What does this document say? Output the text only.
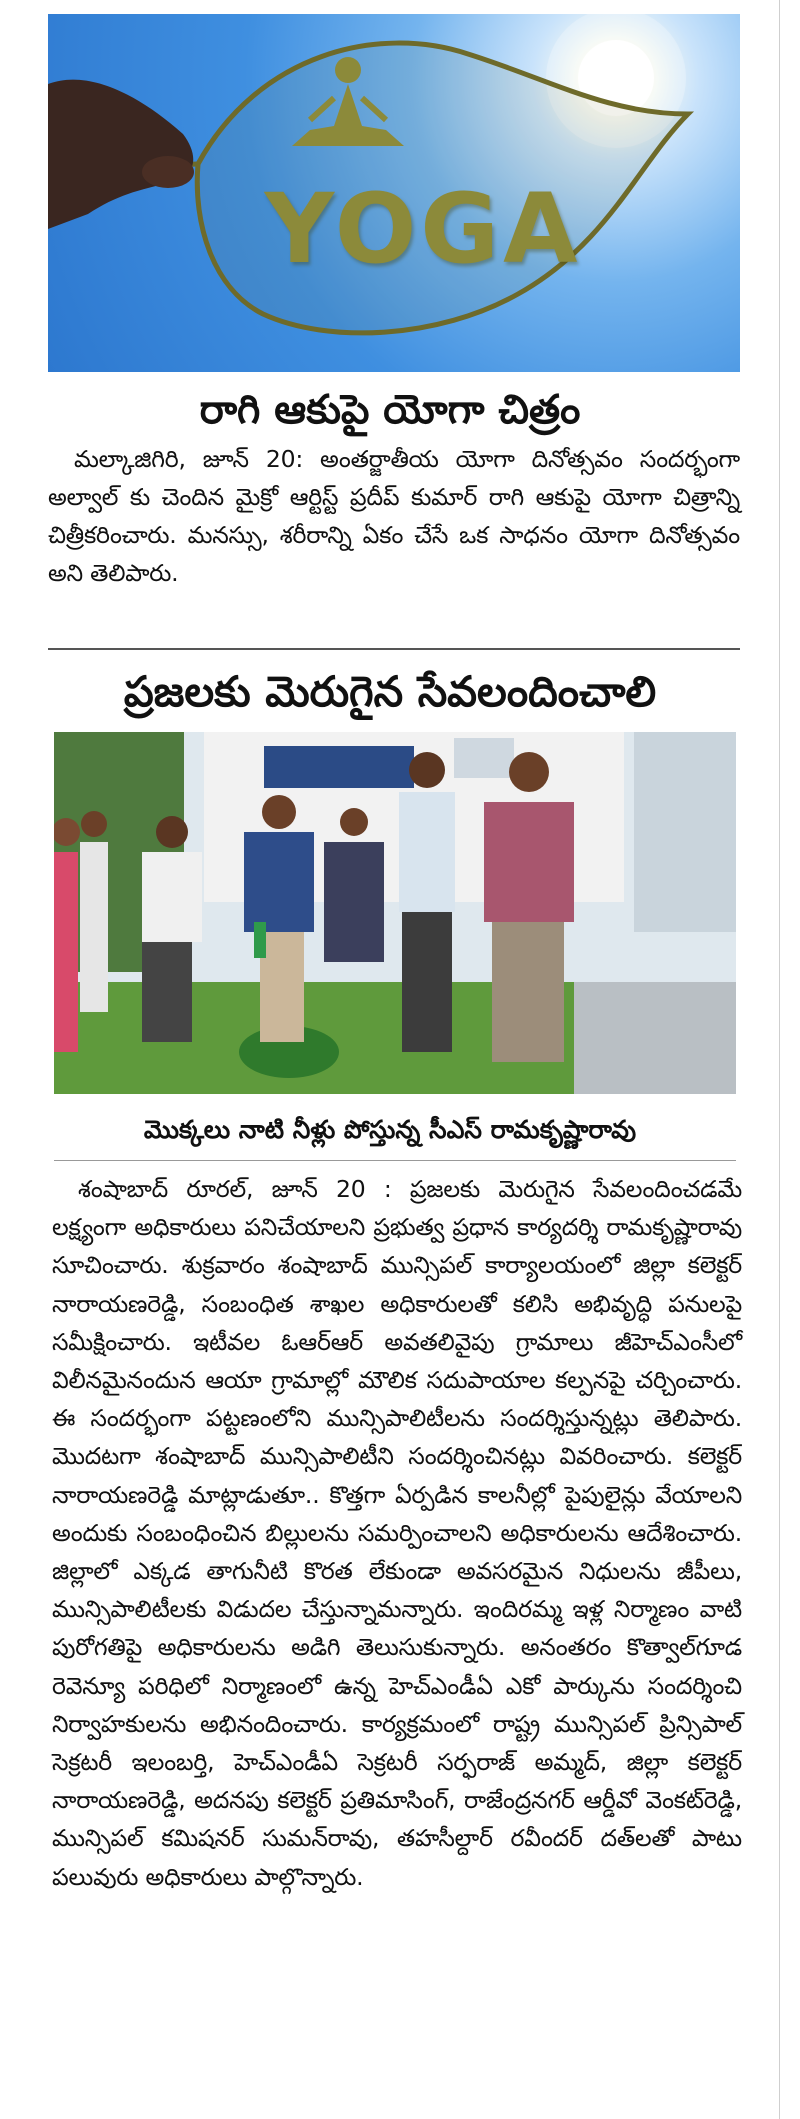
YOGA
రాగి ఆకుపై యోగా చిత్రం

మల్కాజిగిరి, జూన్ 20: అంతర్జాతీయ యోగా దినోత్సవం సందర్భంగా అల్వాల్ కు చెందిన మైక్రో ఆర్టిస్ట్ ప్రదీప్ కుమార్ రాగి ఆకుపై యోగా చిత్రాన్ని చిత్రీకరించారు. మనస్సు, శరీరాన్ని ఏకం చేసే ఒక సాధనం యోగా దినోత్సవం అని తెలిపారు.

ప్రజలకు మెరుగైన సేవలందించాలి
మొక్కలు నాటి నీళ్లు పోస్తున్న సీఎస్ రామకృష్ణారావు

శంషాబాద్ రూరల్, జూన్ 20 : ప్రజలకు మెరుగైన సేవలందించడమే లక్ష్యంగా అధికారులు పనిచేయాలని ప్రభుత్వ ప్రధాన కార్యదర్శి రామకృష్ణారావు సూచించారు. శుక్రవారం శంషాబాద్ మున్సిపల్ కార్యాలయంలో జిల్లా కలెక్టర్ నారాయణరెడ్డి, సంబంధిత శాఖల అధికారులతో కలిసి అభివృద్ధి పనులపై సమీక్షించారు. ఇటీవల ఓఆర్ఆర్ అవతలివైపు గ్రామాలు జీహెచ్ఎంసీలో విలీనమైనందున ఆయా గ్రామాల్లో మౌలిక సదుపాయాల కల్పనపై చర్చించారు. ఈ సందర్భంగా పట్టణంలోని మున్సిపాలిటీలను సందర్శిస్తున్నట్లు తెలిపారు. మొదటగా శంషాబాద్ మున్సిపాలిటీని సందర్శించినట్లు వివరించారు. కలెక్టర్ నారాయణరెడ్డి మాట్లాడుతూ.. కొత్తగా ఏర్పడిన కాలనీల్లో పైపులైన్లు వేయాలని అందుకు సంబంధించిన బిల్లులను సమర్పించాలని అధికారులను ఆదేశించారు. జిల్లాలో ఎక్కడ తాగునీటి కొరత లేకుండా అవసరమైన నిధులను జీపీలు, మున్సిపాలిటీలకు విడుదల చేస్తున్నామన్నారు. ఇందిరమ్మ ఇళ్ల నిర్మాణం వాటి పురోగతిపై అధికారులను అడిగి తెలుసుకున్నారు. అనంతరం కొత్వాల్‌గూడ రెవెన్యూ పరిధిలో నిర్మాణంలో ఉన్న హెచ్ఎండీఏ ఎకో పార్కును సందర్శించి నిర్వాహకులను అభినందించారు. కార్యక్రమంలో రాష్ట్ర మున్సిపల్ ప్రిన్సిపాల్ సెక్రటరీ ఇలంబర్తి, హెచ్ఎండీఏ సెక్రటరీ సర్ఫరాజ్ అమ్మద్, జిల్లా కలెక్టర్ నారాయణరెడ్డి, అదనపు కలెక్టర్ ప్రతిమాసింగ్, రాజేంద్రనగర్ ఆర్డీవో వెంకట్‌రెడ్డి, మున్సిపల్ కమిషనర్ సుమన్‌రావు, తహసీల్దార్ రవీందర్ దత్‌లతో పాటు పలువురు అధికారులు పాల్గొన్నారు.
